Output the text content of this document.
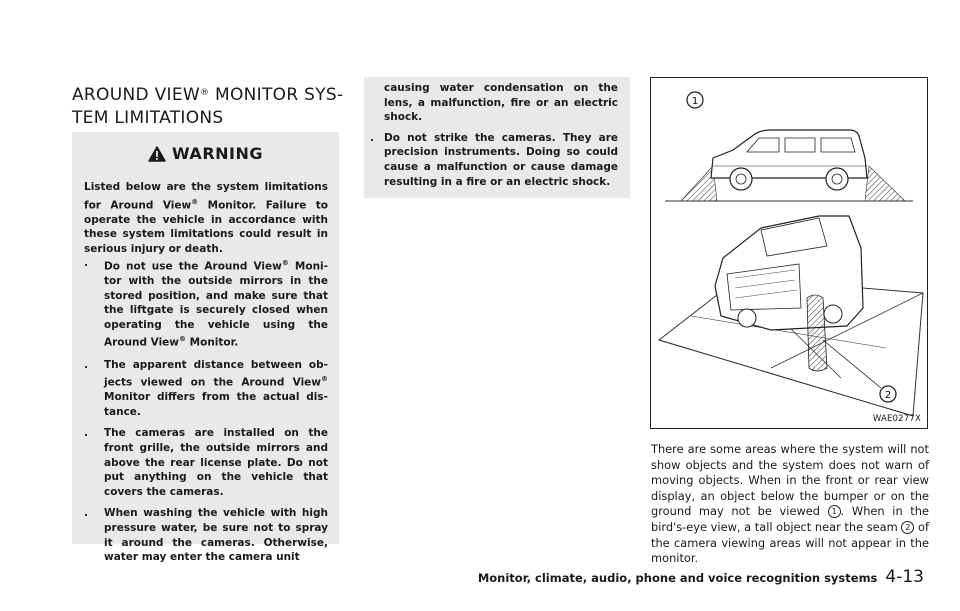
AROUND VIEW® MONITOR SYS-
TEM LIMITATIONS
WARNING
Listed below are the system limitations for Around View® Monitor. Failure to operate the vehicle in accordance with these system limitations could result in serious injury or death.
. Do not use the Around View® Moni- tor with the outside mirrors in the stored position, and make sure that the liftgate is securely closed when operating the vehicle using the Around View® Monitor.
. The apparent distance between ob- jects viewed on the Around View® Monitor differs from the actual dis- tance.
. The cameras are installed on the front grille, the outside mirrors and above the rear license plate. Do not put anything on the vehicle that covers the cameras.
. When washing the vehicle with high pressure water, be sure not to spray it around the cameras. Otherwise, water may enter the camera unit
causing water condensation on the lens, a malfunction, fire or an electric shock.
. Do not strike the cameras. They are precision instruments. Doing so could cause a malfunction or cause damage resulting in a fire or an electric shock.
1
2
WAE0277X

There are some areas where the system will not show objects and the system does not warn of moving objects. When in the front or rear view display, an object below the bumper or on the ground may not be viewed 1 . When in the bird's-eye view, a tall object near the seam 2 of the camera viewing areas will not appear in the monitor.

Monitor, climate, audio, phone and voice recognition systems 4-13
